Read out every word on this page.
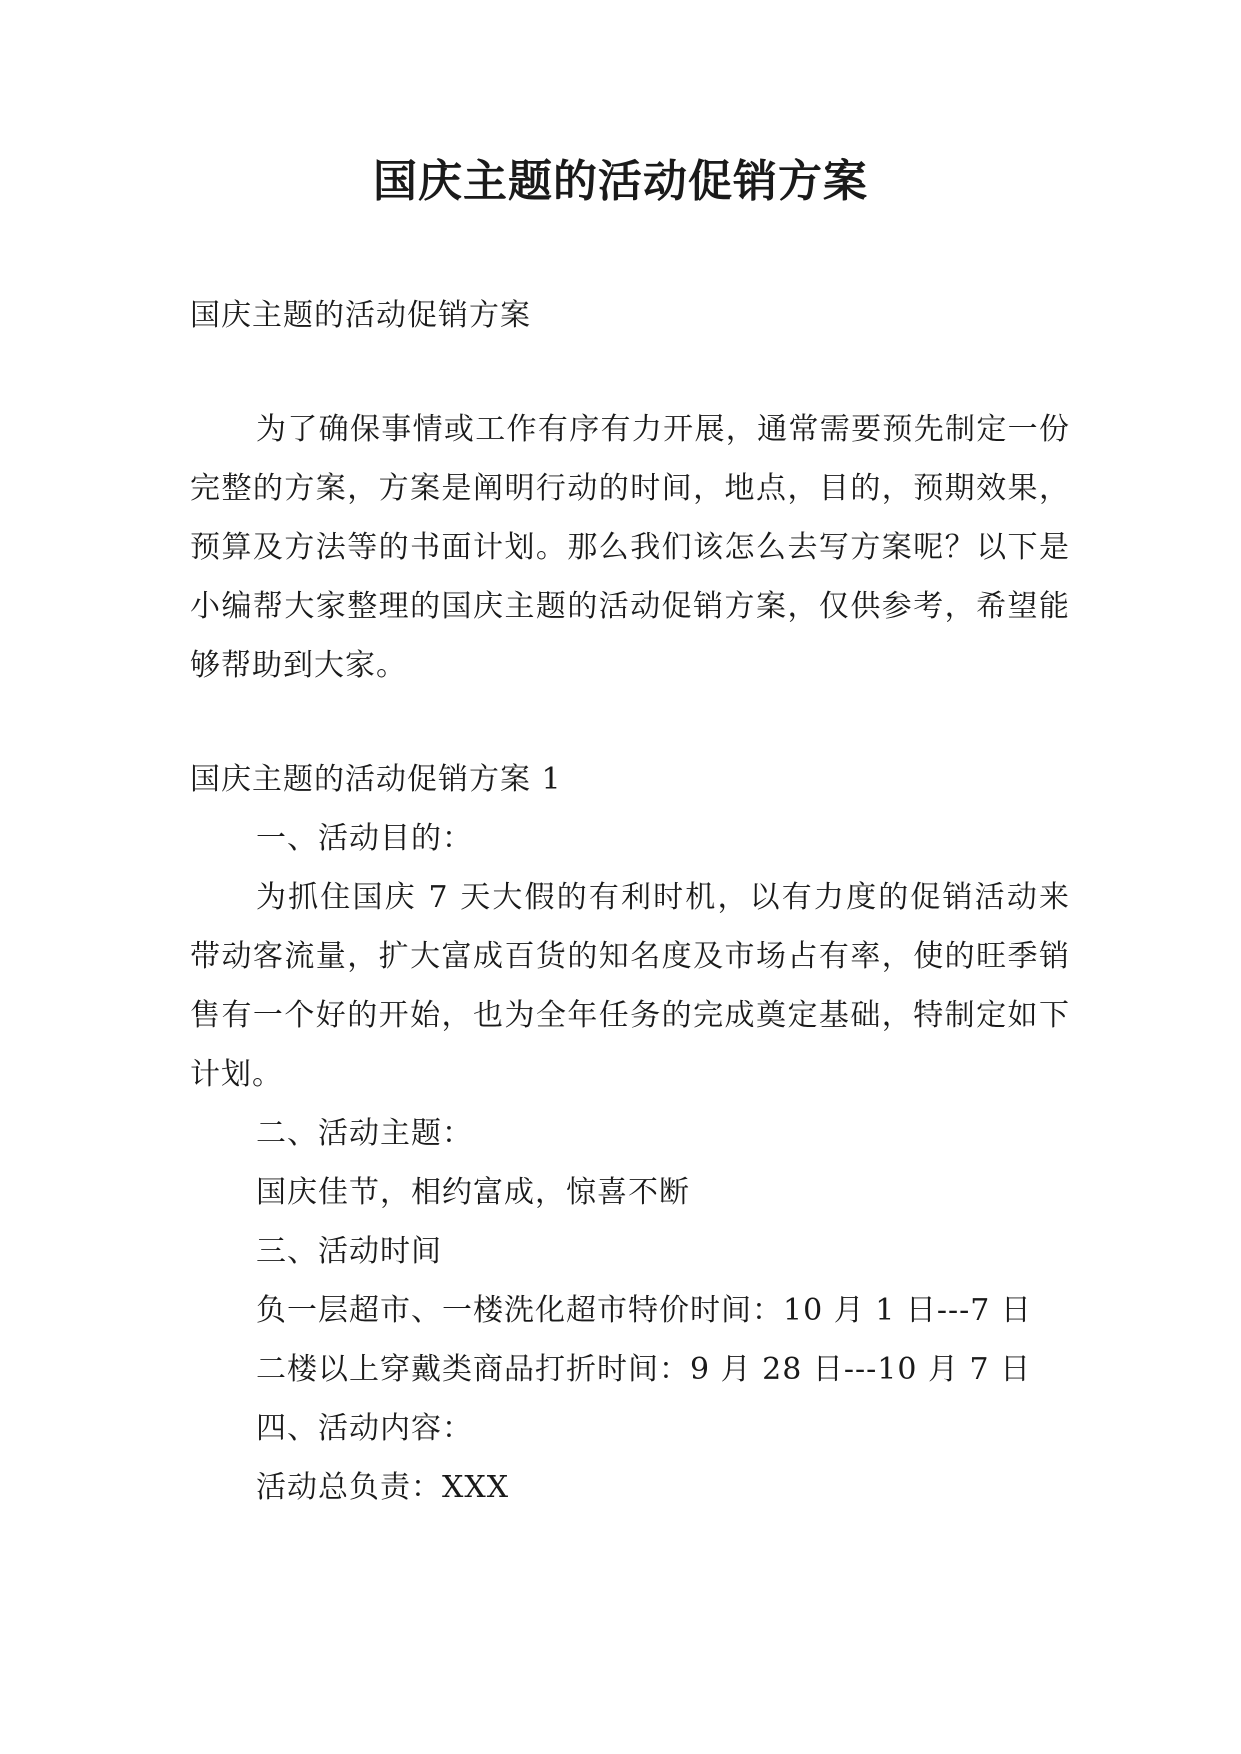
国庆主题的活动促销方案
国庆主题的活动促销方案
为了确保事情或工作有序有力开展，通常需要预先制定一份完整的方案，方案是阐明行动的时间，地点，目的，预期效果，预算及方法等的书面计划。那么我们该怎么去写方案呢？以下是小编帮大家整理的国庆主题的活动促销方案，仅供参考，希望能够帮助到大家。
国庆主题的活动促销方案 1
一、活动目的：
为抓住国庆 7 天大假的有利时机，以有力度的促销活动来带动客流量，扩大富成百货的知名度及市场占有率，使的旺季销售有一个好的开始，也为全年任务的完成奠定基础，特制定如下计划。
二、活动主题：
国庆佳节，相约富成，惊喜不断
三、活动时间
负一层超市、一楼洗化超市特价时间：10 月 1 日---7 日
二楼以上穿戴类商品打折时间：9 月 28 日---10 月 7 日
四、活动内容：
活动总负责：XXX
